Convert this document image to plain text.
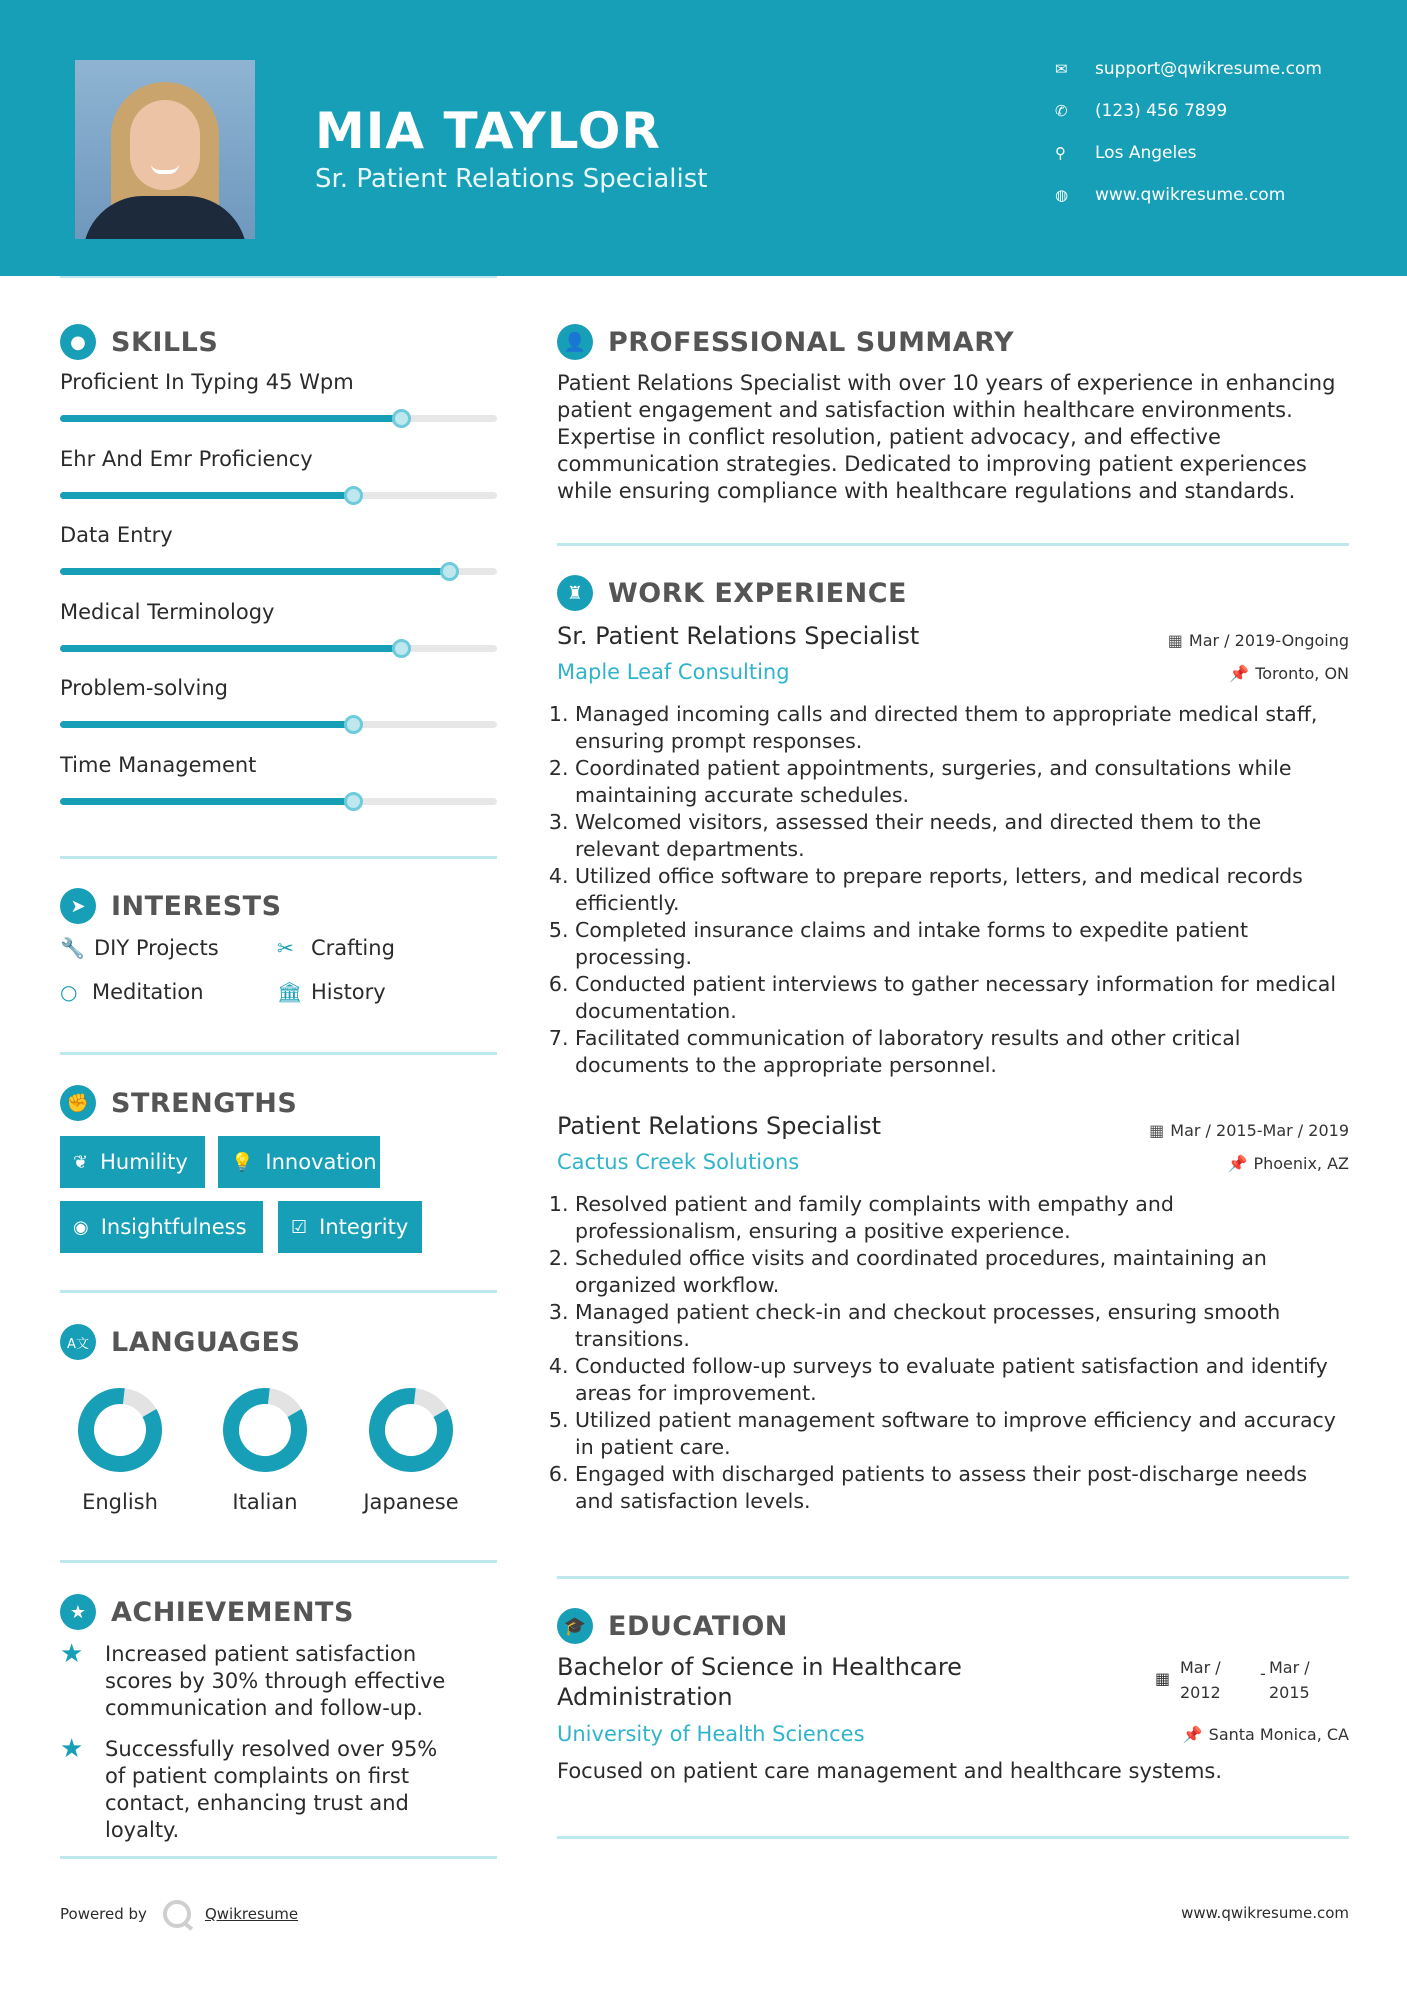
MIA TAYLOR
Sr. Patient Relations Specialist
✉	support@qwikresume.com
✆	(123) 456 7899
⚲	Los Angeles
◍	www.qwikresume.com
● SKILLS
Proficient In Typing 45 Wpm
Ehr And Emr Proficiency
Data Entry
Medical Terminology
Problem-solving
Time Management
➤ INTERESTS
🔧 DIY Projects	✂ Crafting
○ Meditation	🏛 History
✊ STRENGTHS
❦ Humility 💡 Innovation
◉ Insightfulness ☑ Integrity
A文 LANGUAGES
English	Italian	Japanese
★ ACHIEVEMENTS
★ Increased patient satisfaction scores by 30% through effective communication and follow-up.
★ Successfully resolved over 95% of patient complaints on first contact, enhancing trust and loyalty.
👤 PROFESSIONAL SUMMARY
Patient Relations Specialist with over 10 years of experience in enhancing patient engagement and satisfaction within healthcare environments. Expertise in conflict resolution, patient advocacy, and effective communication strategies. Dedicated to improving patient experiences while ensuring compliance with healthcare regulations and standards.
♜ WORK EXPERIENCE
Sr. Patient Relations Specialist	▦ Mar / 2019-Ongoing
Maple Leaf Consulting	📌 Toronto, ON
1. Managed incoming calls and directed them to appropriate medical staff, ensuring prompt responses.
2. Coordinated patient appointments, surgeries, and consultations while maintaining accurate schedules.
3. Welcomed visitors, assessed their needs, and directed them to the relevant departments.
4. Utilized office software to prepare reports, letters, and medical records efficiently.
5. Completed insurance claims and intake forms to expedite patient processing.
6. Conducted patient interviews to gather necessary information for medical documentation.
7. Facilitated communication of laboratory results and other critical documents to the appropriate personnel.
Patient Relations Specialist	▦ Mar / 2015-Mar / 2019
Cactus Creek Solutions	📌 Phoenix, AZ
1. Resolved patient and family complaints with empathy and professionalism, ensuring a positive experience.
2. Scheduled office visits and coordinated procedures, maintaining an organized workflow.
3. Managed patient check-in and checkout processes, ensuring smooth transitions.
4. Conducted follow-up surveys to evaluate patient satisfaction and identify areas for improvement.
5. Utilized patient management software to improve efficiency and accuracy in patient care.
6. Engaged with discharged patients to assess their post-discharge needs and satisfaction levels.
🎓 EDUCATION
Bachelor of Science in Healthcare
Administration
▦
Mar /
2012
- Mar /
2015
University of Health Sciences	📌 Santa Monica, CA
Focused on patient care management and healthcare systems.
Powered by	Qwikresume	www.qwikresume.com
